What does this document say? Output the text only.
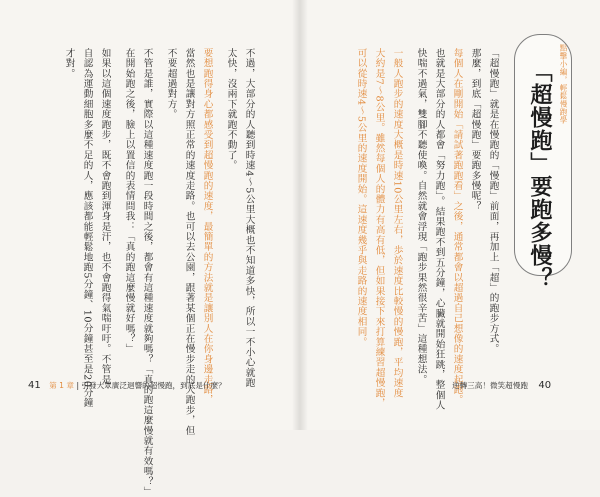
點擊小編，輕鬆慢跑學
「超慢跑」要跑多慢？
「超慢跑」就是在慢跑的「慢跑」前面，再加上「超」的跑步方式。
那麼，到底「超慢跑」要跑多慢呢？
每個人在剛開始「請試著跑跑看」之後，通常都會以超過自己想像的速度起跑。
也就是大部分的人都會「努力跑」。結果跑不到五分鐘，心臟就開始狂跳，整個人
快喘不過氣，雙腳不聽使喚。自然就會浮現「跑步果然很辛苦」這種想法。
一般人跑步的速度大概是時速10公里左右，歩於速度比較慢的慢跑，平均速度
大約是7～8公里。雖然每個人的體力有高有低，但如果接下來打算練習超慢跑，
可以從時速4～5公里的速度開始。這速度幾乎與走路的速度相同。
不過，大部分的人聽到時速4～5公里大概也不知道多快，所以一不小心就跑
太快，沒兩下就跑不動了。
要想跑得身心都感受到超慢跑的速度，最簡單的方法就是讓別人在你身邊走路，
當然也是讓對方照正常的速度走路。也可以去公園，跟著某個正在慢步走的人跑步，但
不要超過對方。
不管是誰，實際以這種速度跑一段時間之後，都會有這種速度就夠嗎？「真的跑這麼慢就有效嗎？」
在開始跑之後，臉上以置信的表情問我：「真的跑這麼慢就好嗎？」
如果以這個速度跑步，既不會跑到渾身是汗，也不會跑得氣喘吁吁。不管是
自認為運動細胞多麼不足的人，應該都能輕鬆地跑5分鐘、10分鐘甚至是20分鐘
才對。
41 第 1 章 | 引發大眾廣泛迴響的超慢跑，到底是什麼？	逆轉三高！微笑超慢跑 40
